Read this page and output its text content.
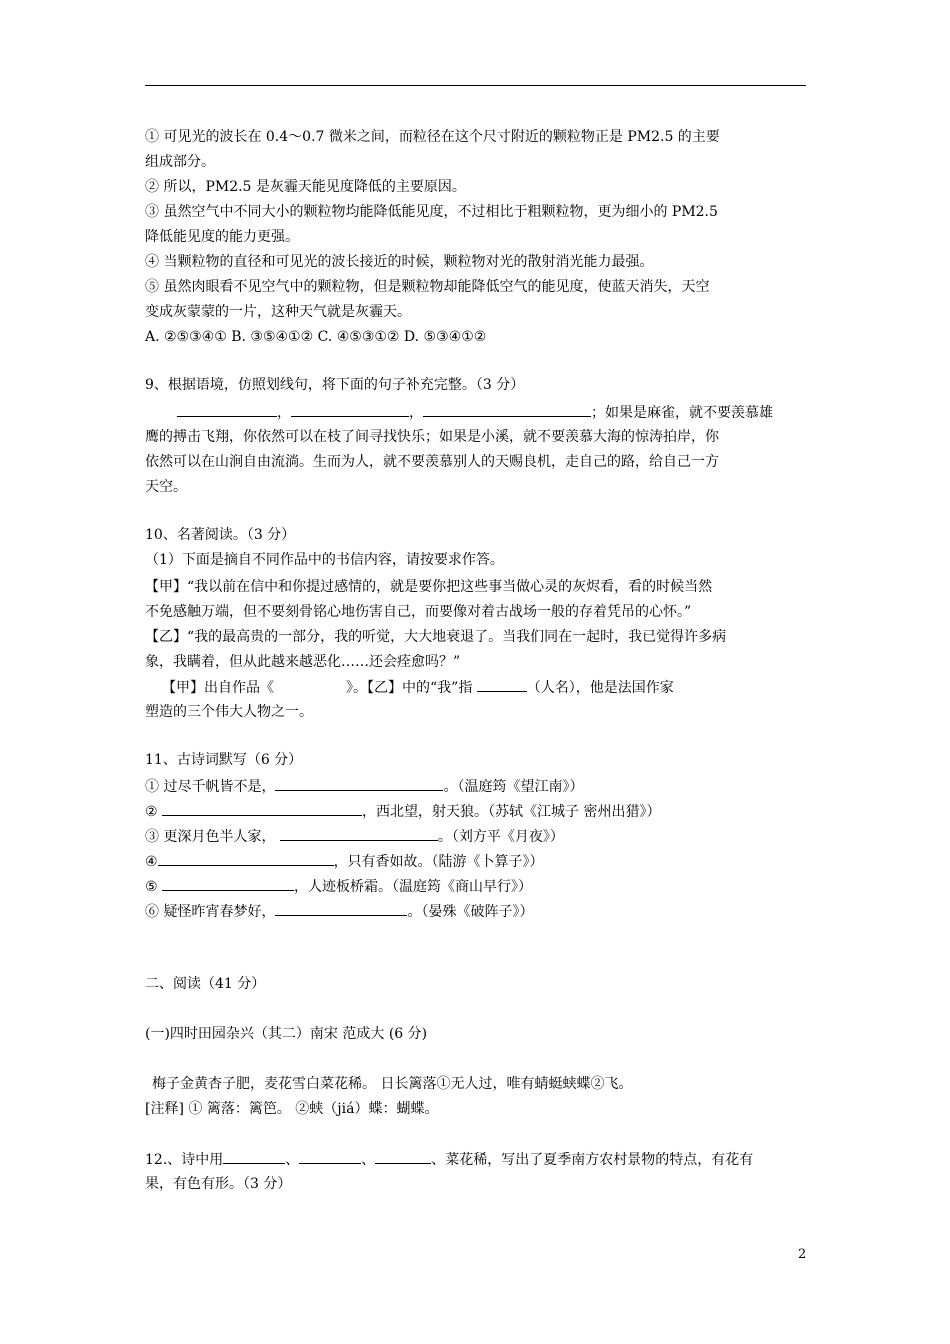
① 可见光的波长在 0.4～0.7 微米之间，而粒径在这个尺寸附近的颗粒物正是 PM2.5 的主要
组成部分。
② 所以，PM2.5 是灰霾天能见度降低的主要原因。
③ 虽然空气中不同大小的颗粒物均能降低能见度，不过相比于粗颗粒物，更为细小的 PM2.5
降低能见度的能力更强。
④ 当颗粒物的直径和可见光的波长接近的时候，颗粒物对光的散射消光能力最强。
⑤ 虽然肉眼看不见空气中的颗粒物，但是颗粒物却能降低空气的能见度，使蓝天消失，天空
变成灰蒙蒙的一片，这种天气就是灰霾天。
A. ②⑤③④① B. ③⑤④①② C. ④⑤③①② D. ⑤③④①②
9、根据语境，仿照划线句，将下面的句子补充完整。（3 分）
，	，	；如果是麻雀，就不要羡慕雄
鹰的搏击飞翔，你依然可以在枝了间寻找快乐；如果是小溪，就不要羡慕大海的惊涛拍岸，你
依然可以在山涧自由流淌。生而为人，就不要羡慕别人的天赐良机，走自己的路，给自己一方
天空。
10、名著阅读。（3 分）
（1）下面是摘自不同作品中的书信内容，请按要求作答。
【甲】“我以前在信中和你提过感情的，就是要你把这些事当做心灵的灰烬看，看的时候当然
不免感触万端，但不要刻骨铭心地伤害自己，而要像对着古战场一般的存着凭吊的心怀。”
【乙】“我的最高贵的一部分，我的听觉，大大地衰退了。当我们同在一起时，我已觉得许多病
象，我瞒着，但从此越来越恶化……还会痊愈吗？”
【甲】出自作品《	》。【乙】中的“我”指	（人名），他是法国作家
塑造的三个伟大人物之一。
11、古诗词默写（6 分）
① 过尽千帆皆不是，	。（温庭筠《望江南》）
②	，西北望，射天狼。（苏轼《江城子 密州出猎》）
③ 更深月色半人家，	。（刘方平《月夜》）
④	，只有香如故。（陆游《卜算子》）
⑤	，人迹板桥霜。（温庭筠《商山早行》）
⑥ 疑怪昨宵春梦好，	。（晏殊《破阵子》）
二、阅读（41 分）
(一)四时田园杂兴（其二）南宋 范成大 (6 分)
梅子金黄杏子肥，麦花雪白菜花稀。 日长篱落①无人过，唯有蜻蜓蛱蝶②飞。
[注释] ① 篱落：篱笆。 ②蛱（jiá）蝶：蝴蝶。
12.、诗中用	、	、	、菜花稀，写出了夏季南方农村景物的特点，有花有
果，有色有形。（3 分）
2
